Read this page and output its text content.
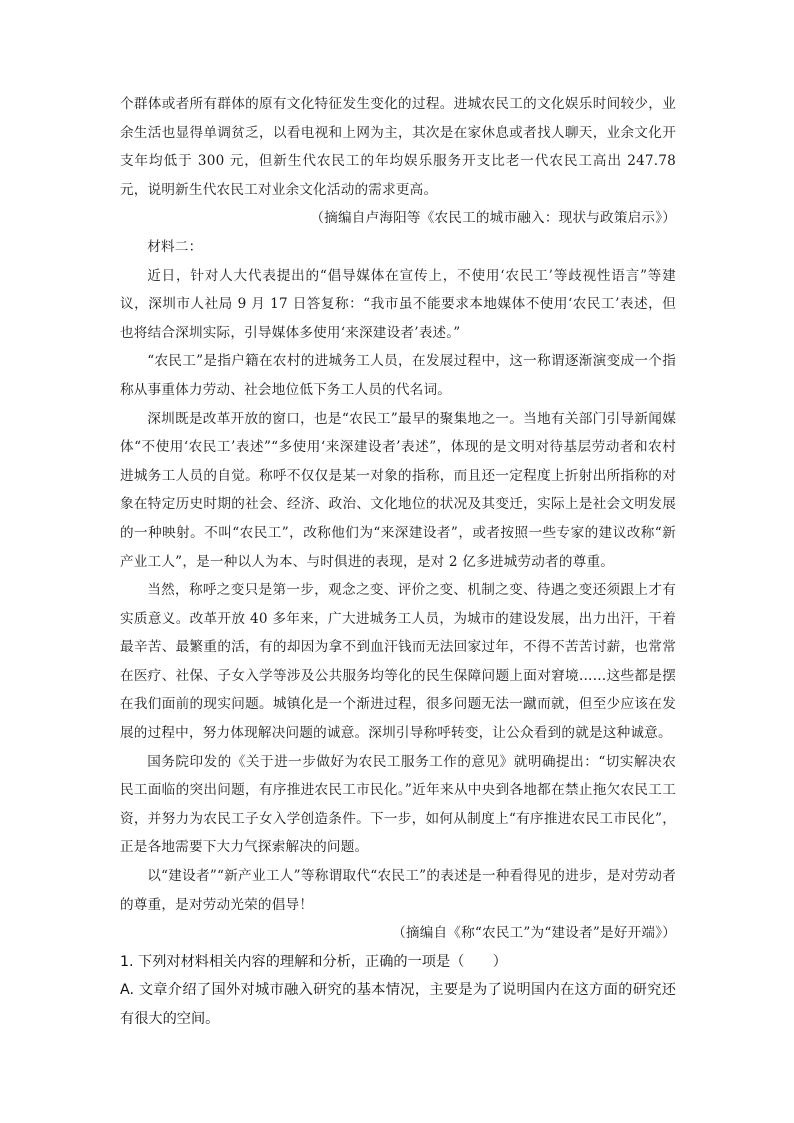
个群体或者所有群体的原有文化特征发生变化的过程。进城农民工的文化娱乐时间较少，业余生活也显得单调贫乏，以看电视和上网为主，其次是在家休息或者找人聊天，业余文化开支年均低于 300 元，但新生代农民工的年均娱乐服务开支比老一代农民工高出 247.78 元，说明新生代农民工对业余文化活动的需求更高。

（摘编自卢海阳等《农民工的城市融入：现状与政策启示》）

材料二：

近日，针对人大代表提出的“倡导媒体在宣传上，不使用‘农民工’等歧视性语言”等建议，深圳市人社局 9 月 17 日答复称：“我市虽不能要求本地媒体不使用‘农民工’表述，但也将结合深圳实际，引导媒体多使用‘来深建设者’表述。”

“农民工”是指户籍在农村的进城务工人员，在发展过程中，这一称谓逐渐演变成一个指称从事重体力劳动、社会地位低下务工人员的代名词。

深圳既是改革开放的窗口，也是“农民工”最早的聚集地之一。当地有关部门引导新闻媒体“不使用‘农民工’表述”“多使用‘来深建设者’表述”，体现的是文明对待基层劳动者和农村进城务工人员的自觉。称呼不仅仅是某一对象的指称，而且还一定程度上折射出所指称的对象在特定历史时期的社会、经济、政治、文化地位的状况及其变迁，实际上是社会文明发展的一种映射。不叫“农民工”，改称他们为“来深建设者”，或者按照一些专家的建议改称“新产业工人”，是一种以人为本、与时俱进的表现，是对 2 亿多进城劳动者的尊重。

当然，称呼之变只是第一步，观念之变、评价之变、机制之变、待遇之变还须跟上才有实质意义。改革开放 40 多年来，广大进城务工人员，为城市的建设发展，出力出汗，干着最辛苦、最繁重的活，有的却因为拿不到血汗钱而无法回家过年，不得不苦苦讨薪，也常常在医疗、社保、子女入学等涉及公共服务均等化的民生保障问题上面对窘境……这些都是摆在我们面前的现实问题。城镇化是一个渐进过程，很多问题无法一蹴而就，但至少应该在发展的过程中，努力体现解决问题的诚意。深圳引导称呼转变，让公众看到的就是这种诚意。

国务院印发的《关于进一步做好为农民工服务工作的意见》就明确提出：“切实解决农民工面临的突出问题，有序推进农民工市民化。”近年来从中央到各地都在禁止拖欠农民工工资，并努力为农民工子女入学创造条件。下一步，如何从制度上“有序推进农民工市民化”，正是各地需要下大力气探索解决的问题。

以“建设者”“新产业工人”等称谓取代“农民工”的表述是一种看得见的进步，是对劳动者的尊重，是对劳动光荣的倡导！

（摘编自《称“农民工”为“建设者”是好开端》）

1. 下列对材料相关内容的理解和分析，正确的一项是（　　）

A. 文章介绍了国外对城市融入研究的基本情况，主要是为了说明国内在这方面的研究还有很大的空间。
